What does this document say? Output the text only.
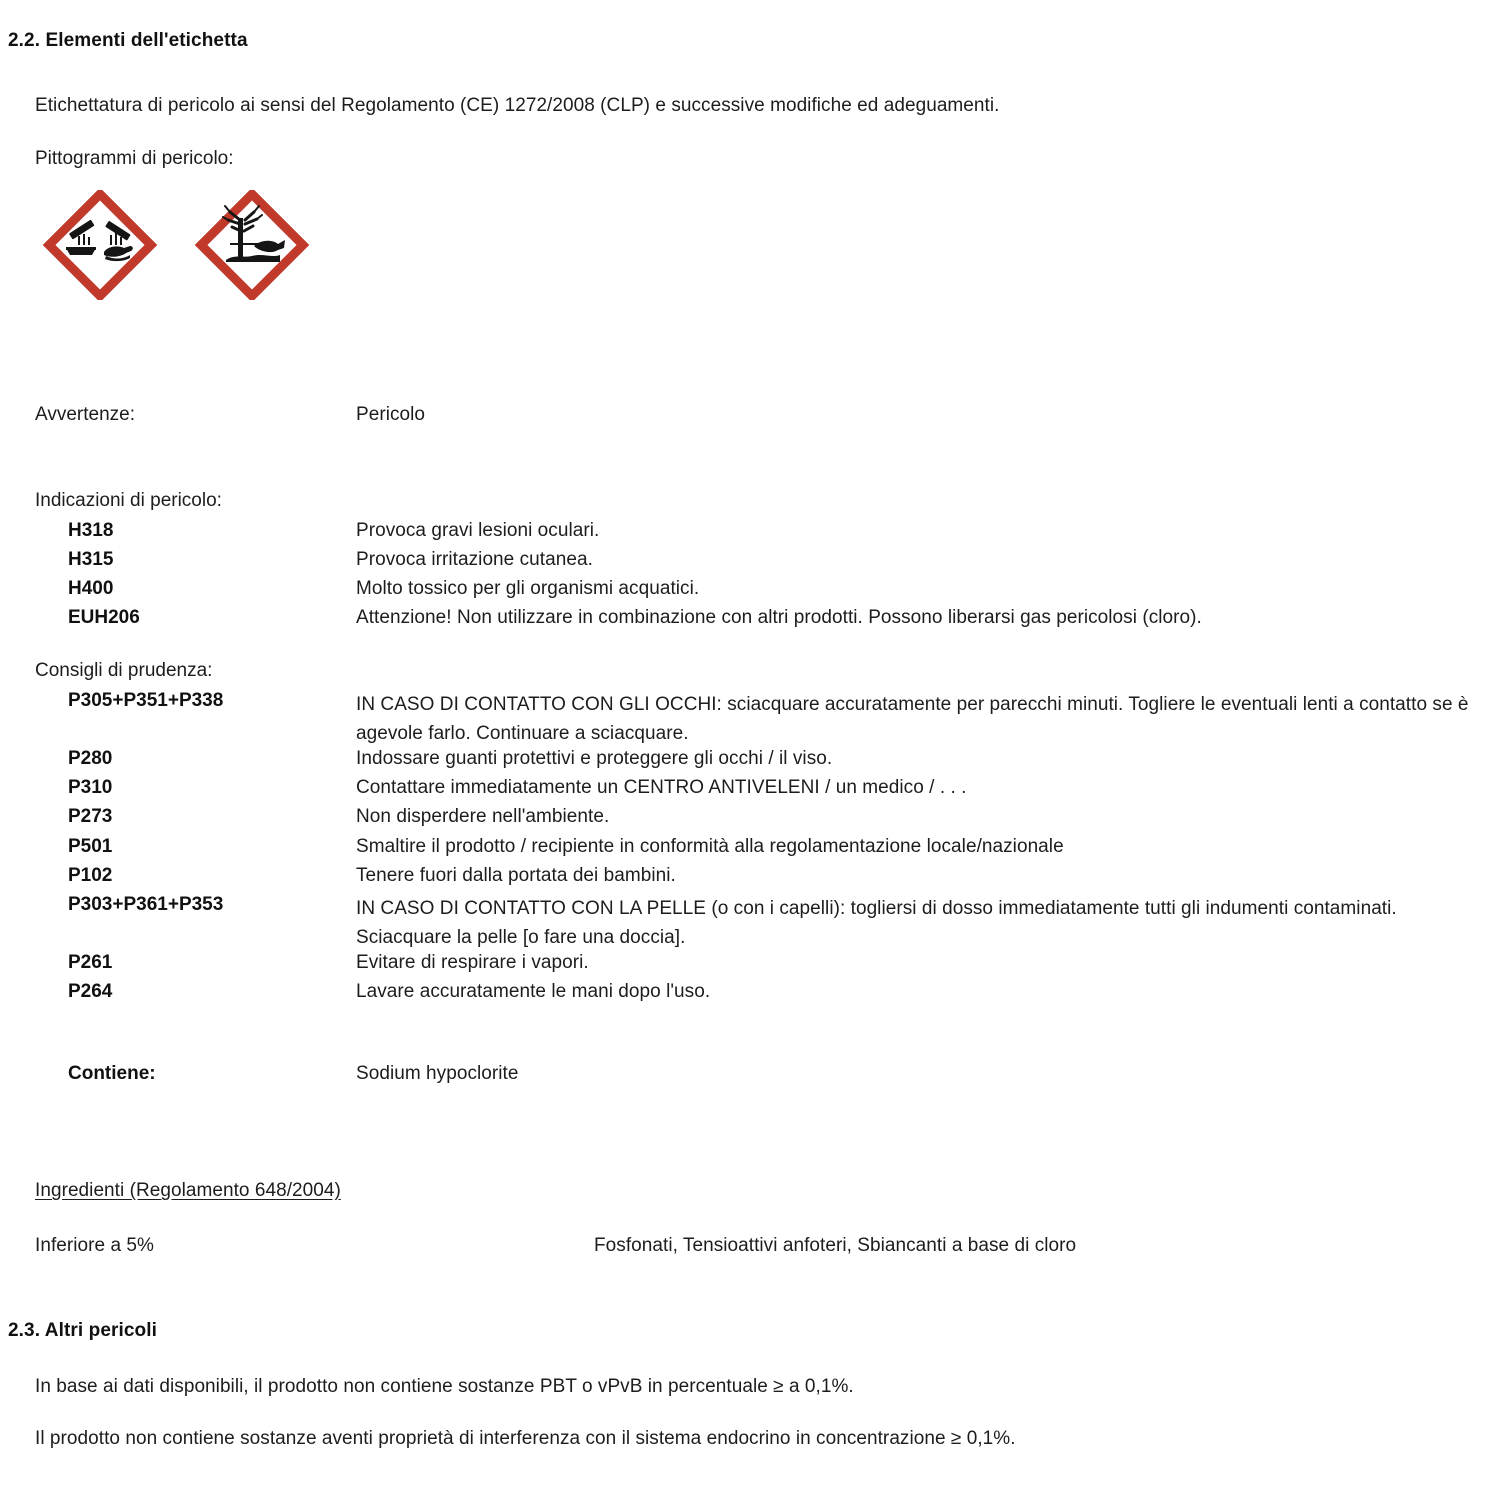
2.2. Elementi dell'etichetta
Etichettatura di pericolo ai sensi del Regolamento (CE) 1272/2008 (CLP) e successive modifiche ed adeguamenti.
Pittogrammi di pericolo:
Avvertenze:	Pericolo
Indicazioni di pericolo:
H318	Provoca gravi lesioni oculari.
H315	Provoca irritazione cutanea.
H400	Molto tossico per gli organismi acquatici.
EUH206	Attenzione! Non utilizzare in combinazione con altri prodotti. Possono liberarsi gas pericolosi (cloro).
Consigli di prudenza:
P305+P351+P338	IN CASO DI CONTATTO CON GLI OCCHI: sciacquare accuratamente per parecchi minuti. Togliere le eventuali lenti a contatto se è agevole farlo. Continuare a sciacquare.
P280	Indossare guanti protettivi e proteggere gli occhi / il viso.
P310	Contattare immediatamente un CENTRO ANTIVELENI / un medico / . . .
P273	Non disperdere nell'ambiente.
P501	Smaltire il prodotto / recipiente in conformità alla regolamentazione locale/nazionale
P102	Tenere fuori dalla portata dei bambini.
P303+P361+P353	IN CASO DI CONTATTO CON LA PELLE (o con i capelli): togliersi di dosso immediatamente tutti gli indumenti contaminati. Sciacquare la pelle [o fare una doccia].
P261	Evitare di respirare i vapori.
P264	Lavare accuratamente le mani dopo l'uso.
Contiene:	Sodium hypoclorite
Ingredienti (Regolamento 648/2004)
Inferiore a 5%	Fosfonati, Tensioattivi anfoteri, Sbiancanti a base di cloro
2.3. Altri pericoli
In base ai dati disponibili, il prodotto non contiene sostanze PBT o vPvB in percentuale ≥ a 0,1%.
Il prodotto non contiene sostanze aventi proprietà di interferenza con il sistema endocrino in concentrazione ≥ 0,1%.
